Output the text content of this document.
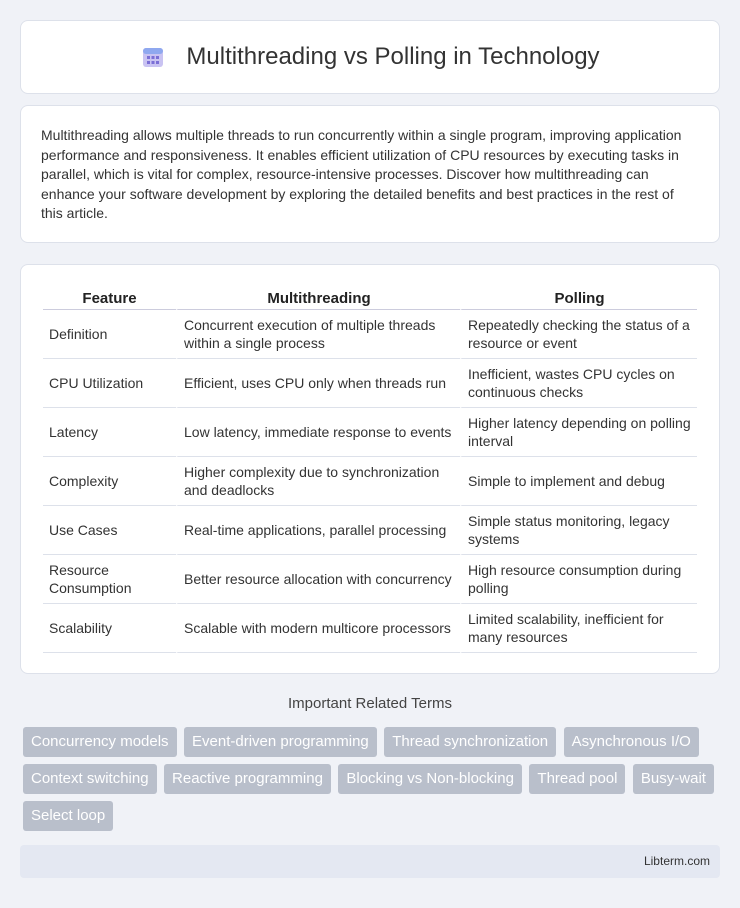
Multithreading vs Polling in Technology

Multithreading allows multiple threads to run concurrently within a single program, improving application performance and responsiveness. It enables efficient utilization of CPU resources by executing tasks in parallel, which is vital for complex, resource-intensive processes. Discover how multithreading can enhance your software development by exploring the detailed benefits and best practices in the rest of this article.

Feature	Multithreading	Polling
Definition	Concurrent execution of multiple threads within a single process	Repeatedly checking the status of a resource or event
CPU Utilization	Efficient, uses CPU only when threads run	Inefficient, wastes CPU cycles on continuous checks
Latency	Low latency, immediate response to events	Higher latency depending on polling interval
Complexity	Higher complexity due to synchronization and deadlocks	Simple to implement and debug
Use Cases	Real-time applications, parallel processing	Simple status monitoring, legacy systems
Resource Consumption	Better resource allocation with concurrency	High resource consumption during polling
Scalability	Scalable with modern multicore processors	Limited scalability, inefficient for many resources
Important Related Terms
Concurrency models Event-driven programming Thread synchronization Asynchronous I/O Context switching Reactive programming Blocking vs Non-blocking Thread pool Busy-wait Select loop
Libterm.com
